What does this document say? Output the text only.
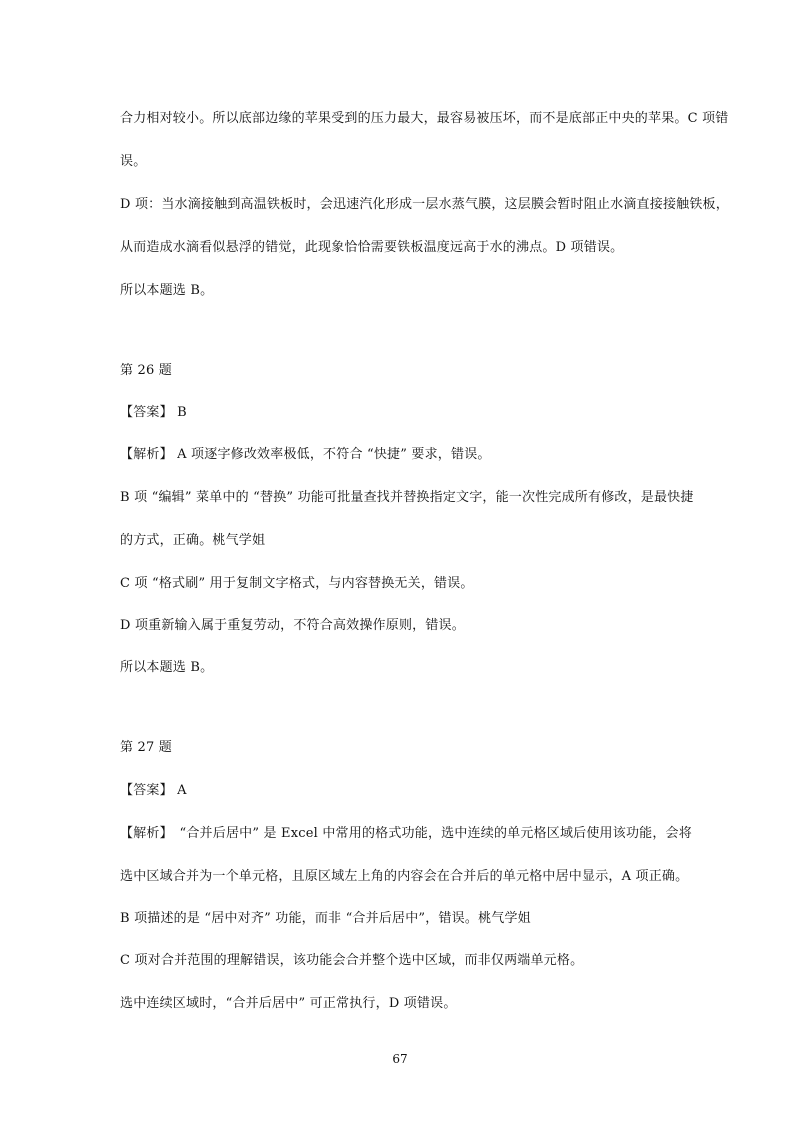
合力相对较小。所以底部边缘的苹果受到的压力最大，最容易被压坏，而不是底部正中央的苹果。C 项错
误。
D 项：当水滴接触到高温铁板时，会迅速汽化形成一层水蒸气膜，这层膜会暂时阻止水滴直接接触铁板，
从而造成水滴看似悬浮的错觉，此现象恰恰需要铁板温度远高于水的沸点。D 项错误。
所以本题选 B。
第 26 题
【答案】 B
【解析】 A 项逐字修改效率极低，不符合 “快捷” 要求，错误。
B 项 “编辑” 菜单中的 “替换” 功能可批量查找并替换指定文字，能一次性完成所有修改，是最快捷
的方式，正确。桃气学姐
C 项 “格式刷” 用于复制文字格式，与内容替换无关，错误。
D 项重新输入属于重复劳动，不符合高效操作原则，错误。
所以本题选 B。
第 27 题
【答案】 A
【解析】　“合并后居中” 是 Excel 中常用的格式功能，选中连续的单元格区域后使用该功能，会将
选中区域合并为一个单元格，且原区域左上角的内容会在合并后的单元格中居中显示，A 项正确。
B 项描述的是 “居中对齐” 功能，而非 “合并后居中”，错误。桃气学姐
C 项对合并范围的理解错误，该功能会合并整个选中区域，而非仅两端单元格。
选中连续区域时，“合并后居中” 可正常执行，D 项错误。
67
